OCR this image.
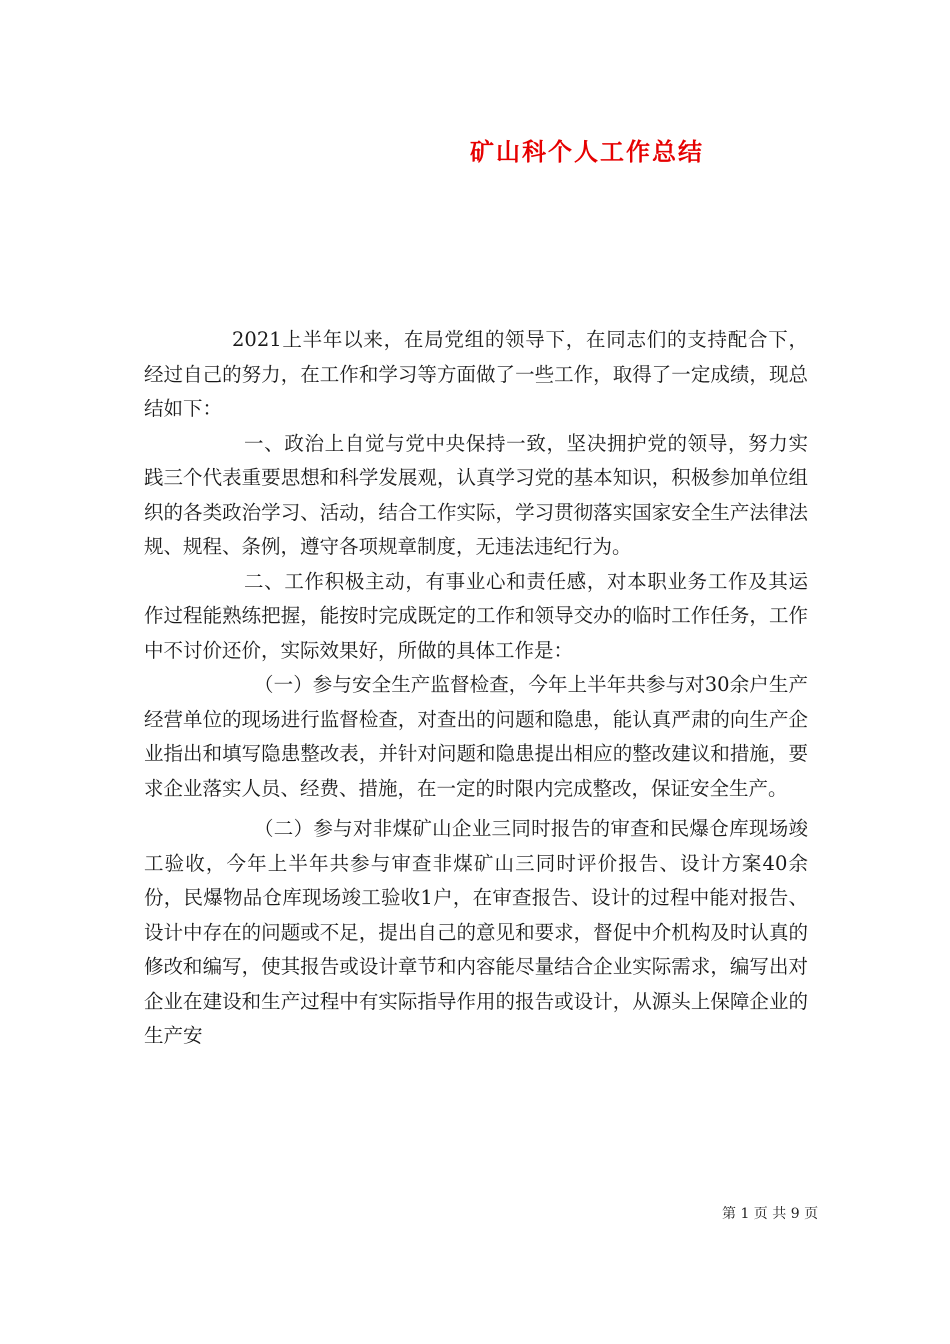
矿山科个人工作总结

2021上半年以来，在局党组的领导下，在同志们的支持配合下，经过自己的努力，在工作和学习等方面做了一些工作，取得了一定成绩，现总结如下：

一、政治上自觉与党中央保持一致，坚决拥护党的领导，努力实践三个代表重要思想和科学发展观，认真学习党的基本知识，积极参加单位组织的各类政治学习、活动，结合工作实际，学习贯彻落实国家安全生产法律法规、规程、条例，遵守各项规章制度，无违法违纪行为。

二、工作积极主动，有事业心和责任感，对本职业务工作及其运作过程能熟练把握，能按时完成既定的工作和领导交办的临时工作任务，工作中不讨价还价，实际效果好，所做的具体工作是：

（一）参与安全生产监督检查，今年上半年共参与对30余户生产经营单位的现场进行监督检查，对查出的问题和隐患，能认真严肃的向生产企业指出和填写隐患整改表，并针对问题和隐患提出相应的整改建议和措施，要求企业落实人员、经费、措施，在一定的时限内完成整改，保证安全生产。

（二）参与对非煤矿山企业三同时报告的审查和民爆仓库现场竣工验收，今年上半年共参与审查非煤矿山三同时评价报告、设计方案40余份，民爆物品仓库现场竣工验收1户，在审查报告、设计的过程中能对报告、设计中存在的问题或不足，提出自己的意见和要求，督促中介机构及时认真的修改和编写，使其报告或设计章节和内容能尽量结合企业实际需求，编写出对企业在建设和生产过程中有实际指导作用的报告或设计，从源头上保障企业的生产安

第 1 页 共 9 页
